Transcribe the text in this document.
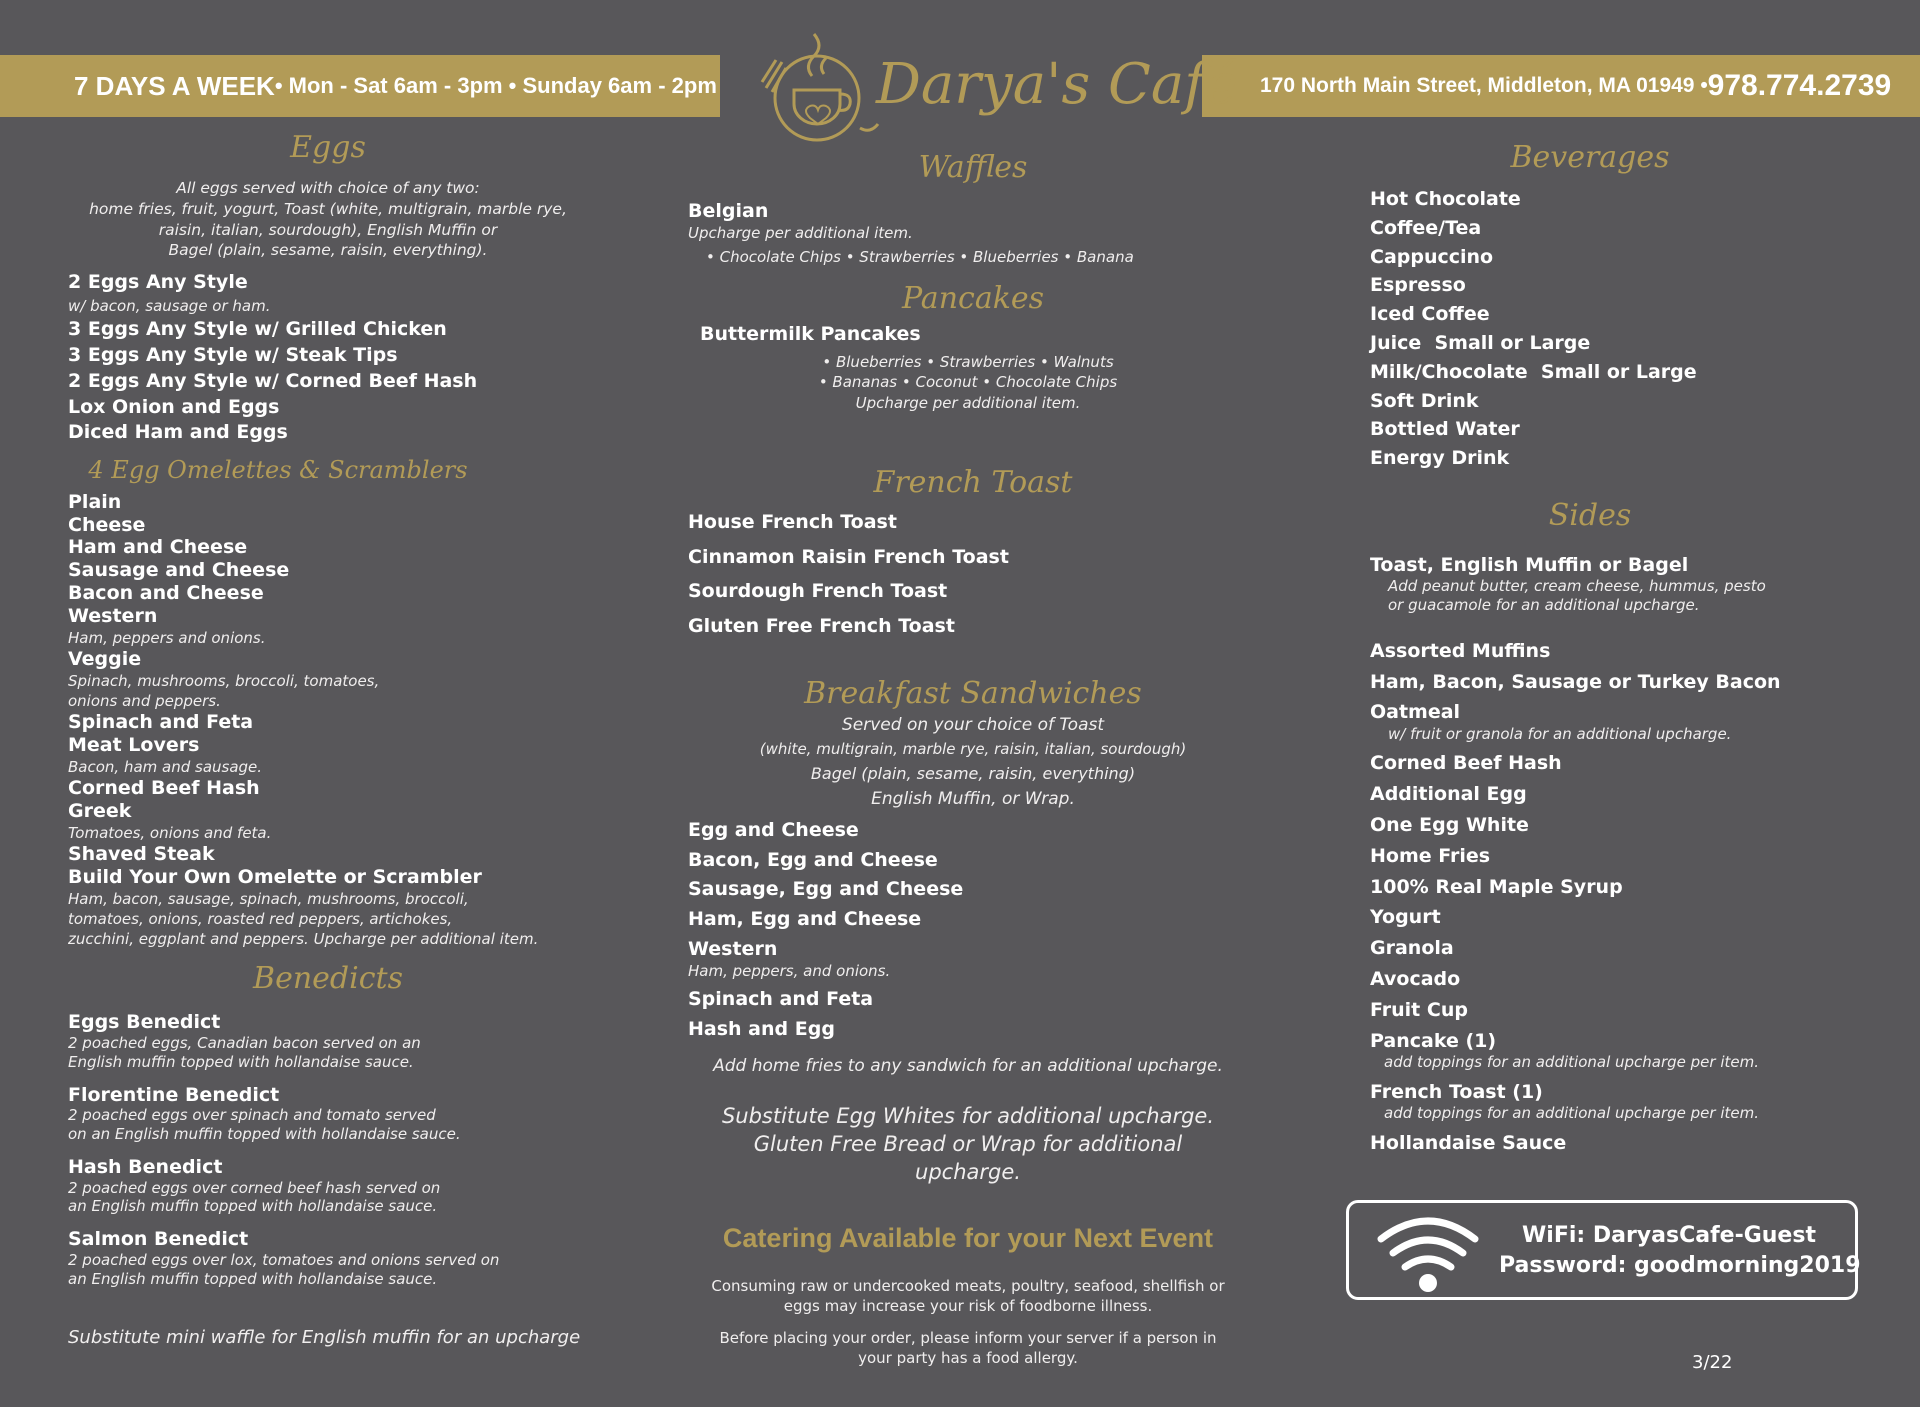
7 DAYS A WEEK • Mon - Sat 6am - 3pm • Sunday 6am - 2pm	170 North Main Street, Middleton, MA 01949 • 978.774.2739
Darya's Café
Eggs
All eggs served with choice of any two:
home fries, fruit, yogurt, Toast (white, multigrain, marble rye,
raisin, italian, sourdough), English Muffin or
Bagel (plain, sesame, raisin, everything).
2 Eggs Any Style
w/ bacon, sausage or ham.
3 Eggs Any Style w/ Grilled Chicken
3 Eggs Any Style w/ Steak Tips
2 Eggs Any Style w/ Corned Beef Hash
Lox Onion and Eggs
Diced Ham and Eggs
4 Egg Omelettes & Scramblers
Plain
Cheese
Ham and Cheese
Sausage and Cheese
Bacon and Cheese
Western
Ham, peppers and onions.
Veggie
Spinach, mushrooms, broccoli, tomatoes,
onions and peppers.
Spinach and Feta
Meat Lovers
Bacon, ham and sausage.
Corned Beef Hash
Greek
Tomatoes, onions and feta.
Shaved Steak
Build Your Own Omelette or Scrambler
Ham, bacon, sausage, spinach, mushrooms, broccoli,
tomatoes, onions, roasted red peppers, artichokes,
zucchini, eggplant and peppers. Upcharge per additional item.
Benedicts
Eggs Benedict
2 poached eggs, Canadian bacon served on an
English muffin topped with hollandaise sauce.
Florentine Benedict
2 poached eggs over spinach and tomato served
on an English muffin topped with hollandaise sauce.
Hash Benedict
2 poached eggs over corned beef hash served on
an English muffin topped with hollandaise sauce.
Salmon Benedict
2 poached eggs over lox, tomatoes and onions served on
an English muffin topped with hollandaise sauce.
Substitute mini waffle for English muffin for an upcharge
Waffles
Belgian
Upcharge per additional item.
• Chocolate Chips • Strawberries • Blueberries • Banana
Pancakes
Buttermilk Pancakes
• Blueberries • Strawberries • Walnuts
• Bananas • Coconut • Chocolate Chips
Upcharge per additional item.
French Toast
House French Toast
Cinnamon Raisin French Toast
Sourdough French Toast
Gluten Free French Toast
Breakfast Sandwiches
Served on your choice of Toast
(white, multigrain, marble rye, raisin, italian, sourdough)
Bagel (plain, sesame, raisin, everything)
English Muffin, or Wrap.
Egg and Cheese
Bacon, Egg and Cheese
Sausage, Egg and Cheese
Ham, Egg and Cheese
Western
Ham, peppers, and onions.
Spinach and Feta
Hash and Egg
Add home fries to any sandwich for an additional upcharge.
Substitute Egg Whites for additional upcharge.
Gluten Free Bread or Wrap for additional upcharge.
Catering Available for your Next Event
Consuming raw or undercooked meats, poultry, seafood, shellfish or
eggs may increase your risk of foodborne illness.
Before placing your order, please inform your server if a person in
your party has a food allergy.
Beverages
Hot Chocolate
Coffee/Tea
Cappuccino
Espresso
Iced Coffee
Juice  Small or Large
Milk/Chocolate  Small or Large
Soft Drink
Bottled Water
Energy Drink
Sides
Toast, English Muffin or Bagel
Add peanut butter, cream cheese, hummus, pesto
or guacamole for an additional upcharge.
Assorted Muffins
Ham, Bacon, Sausage or Turkey Bacon
Oatmeal
w/ fruit or granola for an additional upcharge.
Corned Beef Hash
Additional Egg
One Egg White
Home Fries
100% Real Maple Syrup
Yogurt
Granola
Avocado
Fruit Cup
Pancake (1)
add toppings for an additional upcharge per item.
French Toast (1)
add toppings for an additional upcharge per item.
Hollandaise Sauce
WiFi: DaryasCafe-Guest
Password: goodmorning2019
3/22
